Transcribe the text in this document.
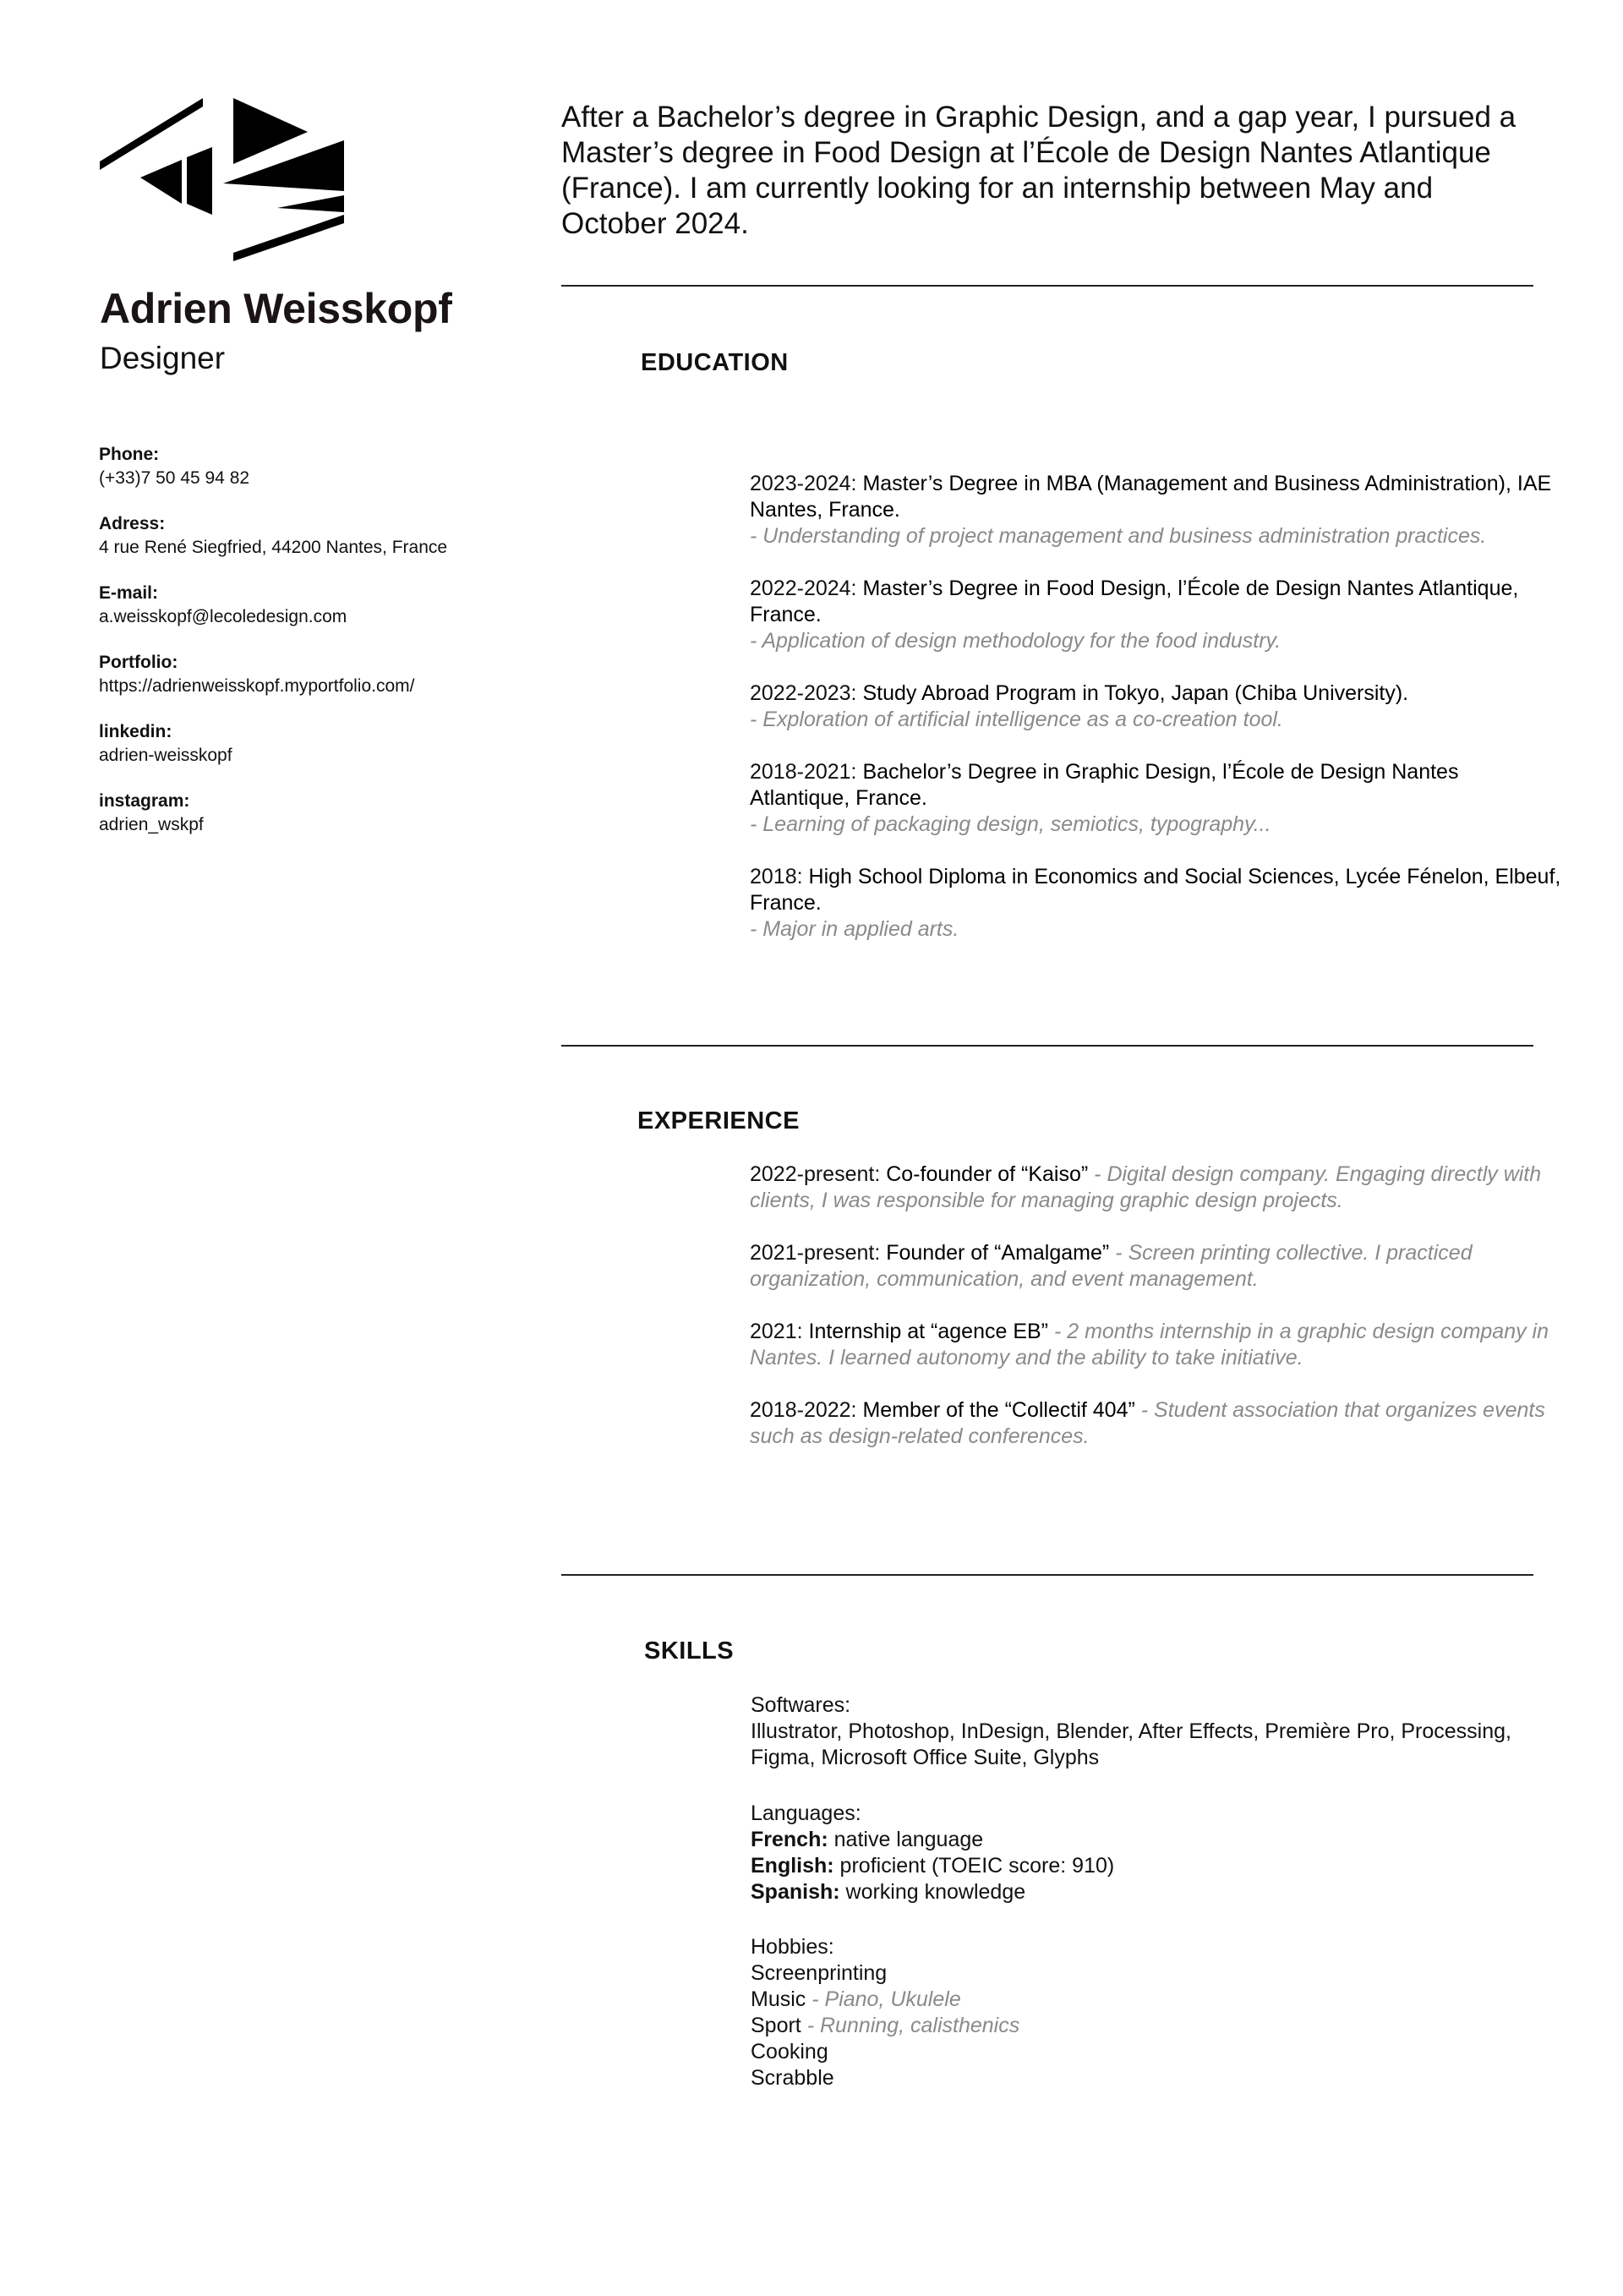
Adrien Weisskopf
Designer
Phone:
(+33)7 50 45 94 82
Adress:
4 rue René Siegfried, 44200 Nantes, France
E-mail:
a.weisskopf@lecoledesign.com
Portfolio:
https://adrienweisskopf.myportfolio.com/
linkedin:
adrien-weisskopf
instagram:
adrien_wskpf
After a Bachelor’s degree in Graphic Design, and a gap year, I pursued a Master’s degree in Food Design at l’École de Design Nantes Atlantique (France). I am currently looking for an internship between May and October 2024.
EDUCATION
2023-2024: Master’s Degree in MBA (Management and Business Administration), IAE Nantes, France.
- Understanding of project management and business administration practices.
2022-2024: Master’s Degree in Food Design, l’École de Design Nantes Atlantique, France.
- Application of design methodology for the food industry.
2022-2023: Study Abroad Program in Tokyo, Japan (Chiba University).
- Exploration of artificial intelligence as a co-creation tool.
2018-2021: Bachelor’s Degree in Graphic Design, l’École de Design Nantes Atlantique, France.
- Learning of packaging design, semiotics, typography...
2018: High School Diploma in Economics and Social Sciences, Lycée Fénelon, Elbeuf, France.
- Major in applied arts.
EXPERIENCE
2022-present: Co-founder of “Kaiso” - Digital design company. Engaging directly with clients, I was responsible for managing graphic design projects.
2021-present: Founder of “Amalgame” - Screen printing collective. I practiced organization, communication, and event management.
2021: Internship at “agence EB” - 2 months internship in a graphic design company in Nantes. I learned autonomy and the ability to take initiative.
2018-2022: Member of the “Collectif 404” - Student association that organizes events such as design-related conferences.
SKILLS
Softwares:
Illustrator, Photoshop, InDesign, Blender, After Effects, Première Pro, Processing, Figma, Microsoft Office Suite, Glyphs
Languages:
French: native language
English: proficient (TOEIC score: 910)
Spanish: working knowledge
Hobbies:
Screenprinting
Music - Piano, Ukulele
Sport - Running, calisthenics
Cooking
Scrabble
